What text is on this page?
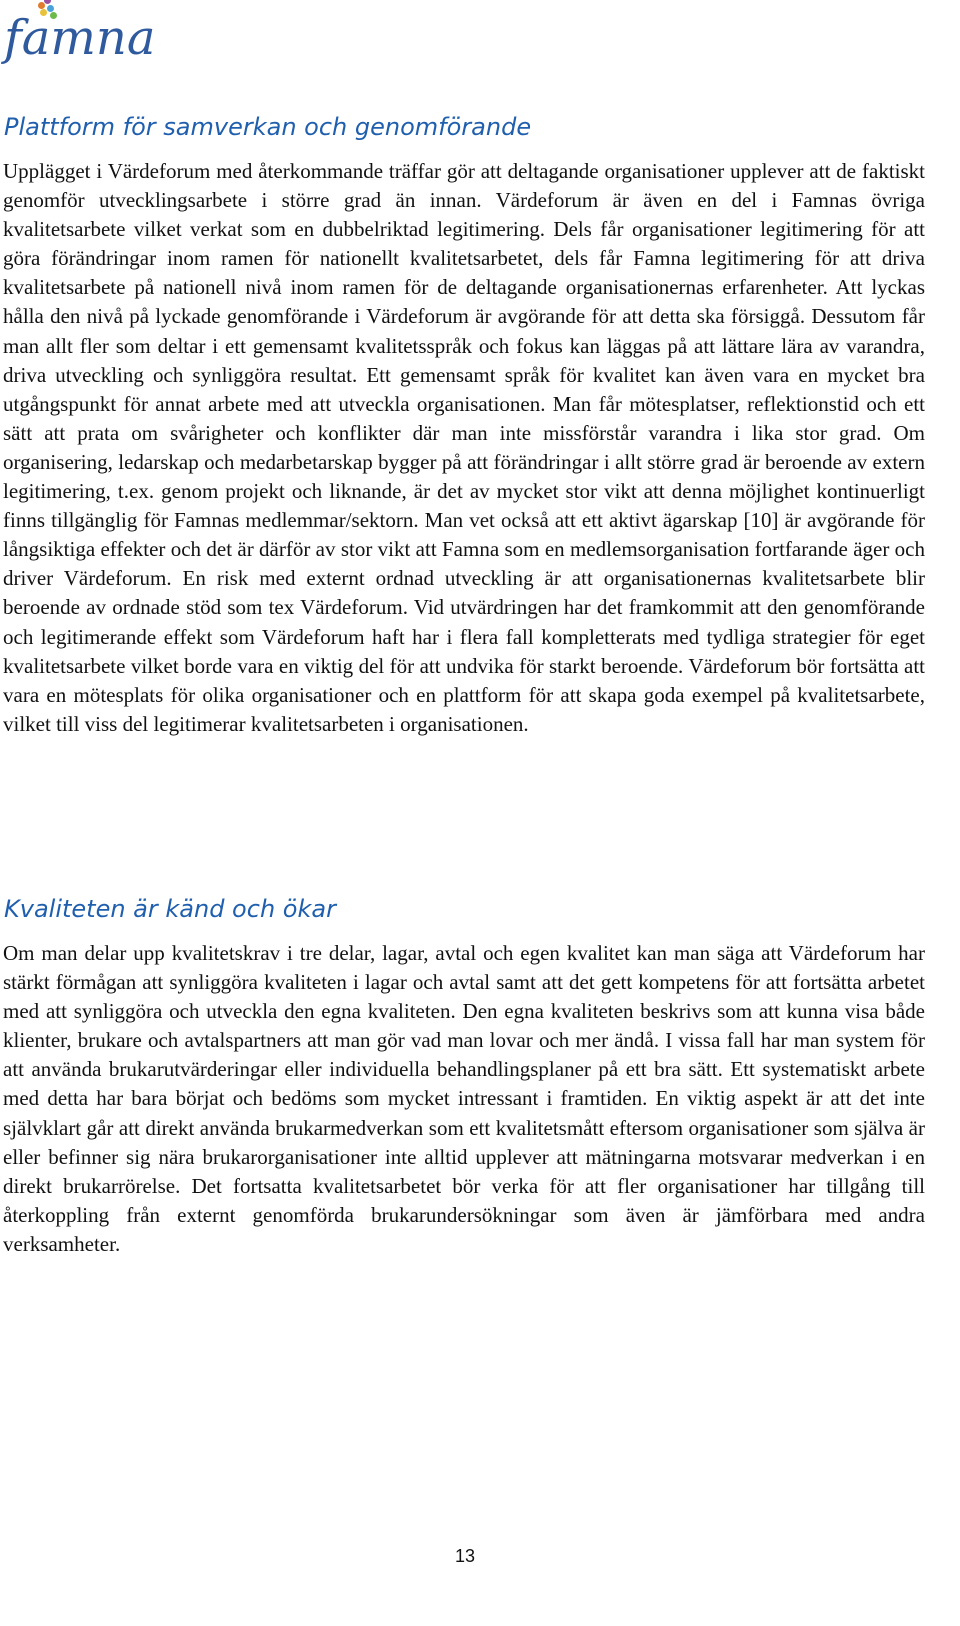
famna
Plattform för samverkan och genomförande

Upplägget i Värdeforum med återkommande träffar gör att deltagande organisationer upplever att de faktiskt genomför utvecklingsarbete i större grad än innan. Värdeforum är även en del i Famnas övriga kvalitetsarbete vilket verkat som en dubbelriktad legitimering. Dels får organisationer legitimering för att göra förändringar inom ramen för nationellt kvalitetsarbetet, dels får Famna legitimering för att driva kvalitetsarbete på nationell nivå inom ramen för de deltagande organisationernas erfarenheter. Att lyckas hålla den nivå på lyckade genomförande i Värdeforum är avgörande för att detta ska försiggå. Dessutom får man allt fler som deltar i ett gemensamt kvalitetsspråk och fokus kan läggas på att lättare lära av varandra, driva utveckling och synliggöra resultat. Ett gemensamt språk för kvalitet kan även vara en mycket bra utgångspunkt för annat arbete med att utveckla organisationen. Man får mötesplatser, reflektionstid och ett sätt att prata om svårigheter och konflikter där man inte missförstår varandra i lika stor grad. Om organisering, ledarskap och medarbetarskap bygger på att förändringar i allt större grad är beroende av extern legitimering, t.ex. genom projekt och liknande, är det av mycket stor vikt att denna möjlighet kontinuerligt finns tillgänglig för Famnas medlemmar/sektorn. Man vet också att ett aktivt ägarskap [10] är avgörande för långsiktiga effekter och det är därför av stor vikt att Famna som en medlemsorganisation fortfarande äger och driver Värdeforum. En risk med externt ordnad utveckling är att organisationernas kvalitetsarbete blir beroende av ordnade stöd som tex Värdeforum. Vid utvärdringen har det framkommit att den genomförande och legitimerande effekt som Värdeforum haft har i flera fall kompletterats med tydliga strategier för eget kvalitetsarbete vilket borde vara en viktig del för att undvika för starkt beroende. Värdeforum bör fortsätta att vara en mötesplats för olika organisationer och en plattform för att skapa goda exempel på kvalitetsarbete, vilket till viss del legitimerar kvalitetsarbeten i organisationen.

Kvaliteten är känd och ökar

Om man delar upp kvalitetskrav i tre delar, lagar, avtal och egen kvalitet kan man säga att Värdeforum har stärkt förmågan att synliggöra kvaliteten i lagar och avtal samt att det gett kompetens för att fortsätta arbetet med att synliggöra och utveckla den egna kvaliteten. Den egna kvaliteten beskrivs som att kunna visa både klienter, brukare och avtalspartners att man gör vad man lovar och mer ändå. I vissa fall har man system för att använda brukarutvärderingar eller individuella behandlingsplaner på ett bra sätt. Ett systematiskt arbete med detta har bara börjat och bedöms som mycket intressant i framtiden. En viktig aspekt är att det inte självklart går att direkt använda brukarmedverkan som ett kvalitetsmått eftersom organisationer som själva är eller befinner sig nära brukarorganisationer inte alltid upplever att mätningarna motsvarar medverkan i en direkt brukarrörelse. Det fortsatta kvalitetsarbetet bör verka för att fler organisationer har tillgång till återkoppling från externt genomförda brukarundersökningar som även är jämförbara med andra verksamheter.

13
